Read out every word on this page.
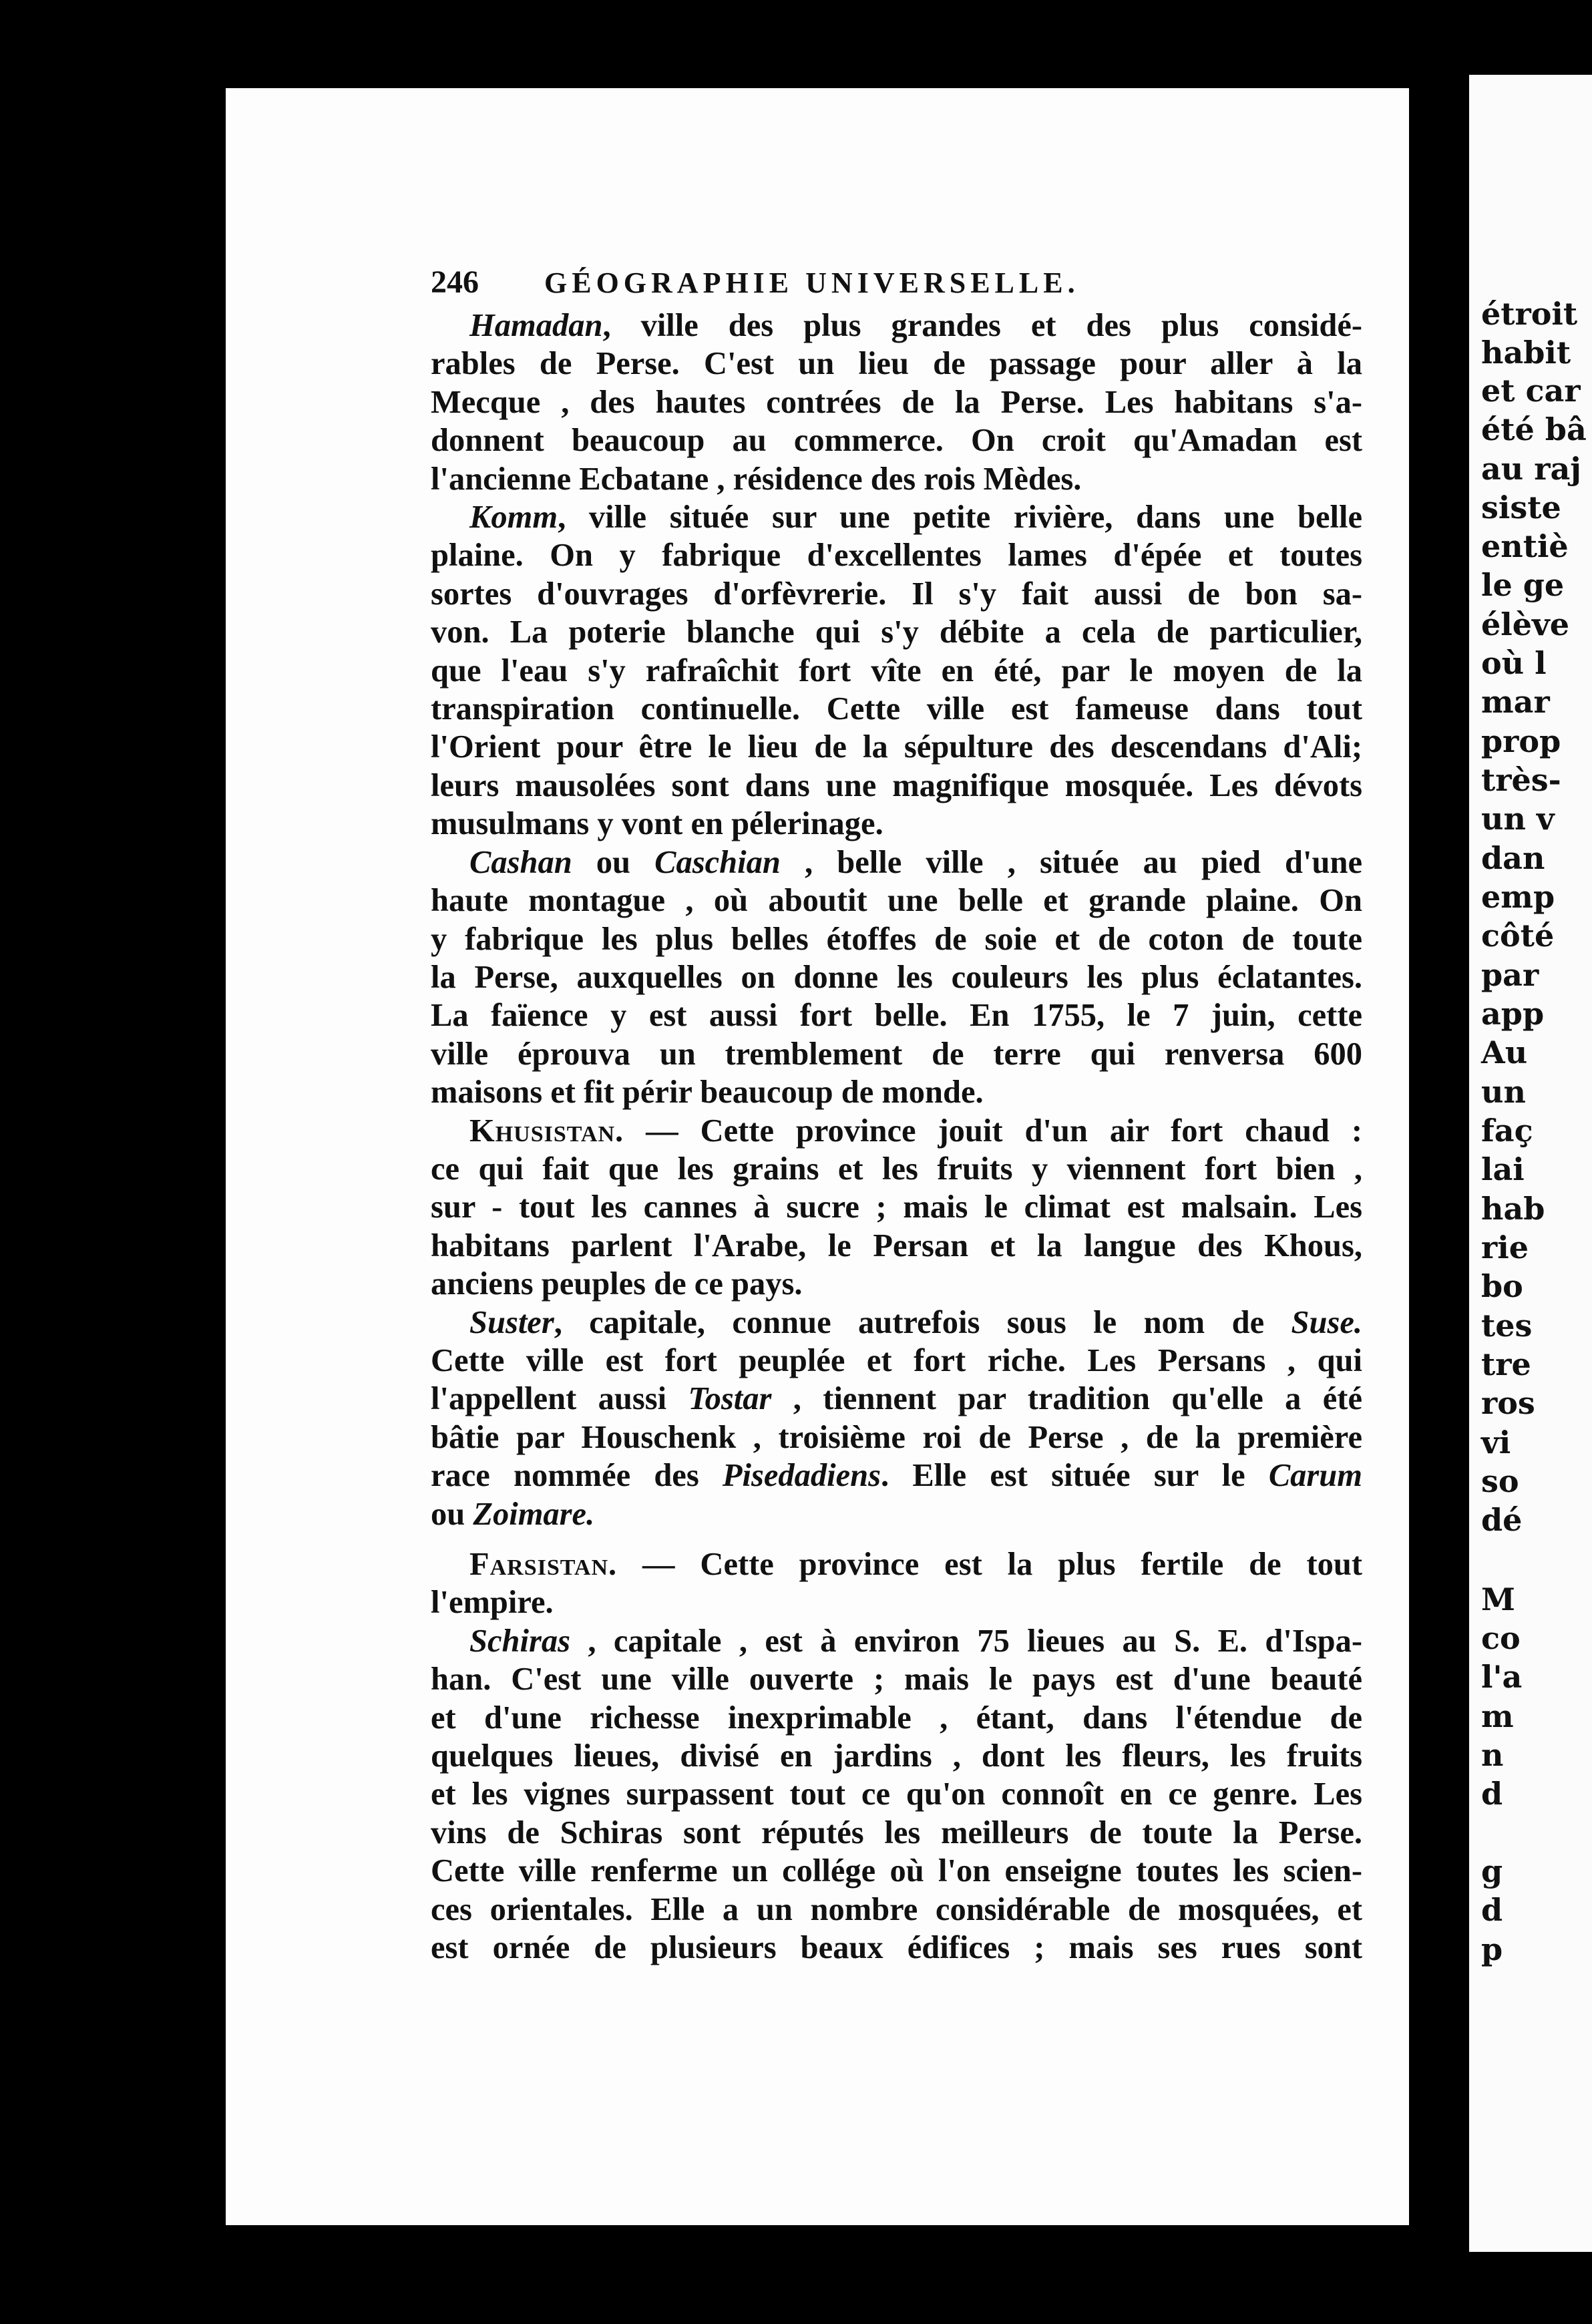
étroit
habit
et car
été bâ
au raj
siste
entiè
le ge
élève
où l
mar
prop
très-
un v
dan
emp
côté
par
app
Au
un
faç
lai
hab
rie
bo
tes
tre
ros
vi
so
dé
M
co
l'a
m
n
d
g
d
p
246	GÉOGRAPHIE UNIVERSELLE.
Hamadan, ville des plus grandes et des plus considé-
rables de Perse. C'est un lieu de passage pour aller à la
Mecque , des hautes contrées de la Perse. Les habitans s'a-
donnent beaucoup au commerce. On croit qu'Amadan est
l'ancienne Ecbatane , résidence des rois Mèdes.
Komm, ville située sur une petite rivière, dans une belle
plaine. On y fabrique d'excellentes lames d'épée et toutes
sortes d'ouvrages d'orfèvrerie. Il s'y fait aussi de bon sa-
von. La poterie blanche qui s'y débite a cela de particulier,
que l'eau s'y rafraîchit fort vîte en été, par le moyen de la
transpiration continuelle. Cette ville est fameuse dans tout
l'Orient pour être le lieu de la sépulture des descendans d'Ali;
leurs mausolées sont dans une magnifique mosquée. Les dévots
musulmans y vont en pélerinage.
Cashan ou Caschian , belle ville , située au pied d'une
haute montague , où aboutit une belle et grande plaine. On
y fabrique les plus belles étoffes de soie et de coton de toute
la Perse, auxquelles on donne les couleurs les plus éclatantes.
La faïence y est aussi fort belle. En 1755, le 7 juin, cette
ville éprouva un tremblement de terre qui renversa 600
maisons et fit périr beaucoup de monde.
Khusistan. — Cette province jouit d'un air fort chaud :
ce qui fait que les grains et les fruits y viennent fort bien ,
sur - tout les cannes à sucre ; mais le climat est malsain. Les
habitans parlent l'Arabe, le Persan et la langue des Khous,
anciens peuples de ce pays.
Suster, capitale, connue autrefois sous le nom de Suse.
Cette ville est fort peuplée et fort riche. Les Persans , qui
l'appellent aussi Tostar , tiennent par tradition qu'elle a été
bâtie par Houschenk , troisième roi de Perse , de la première
race nommée des Pisedadiens. Elle est située sur le Carum
ou Zoimare.
Farsistan. — Cette province est la plus fertile de tout
l'empire.
Schiras , capitale , est à environ 75 lieues au S. E. d'Ispa-
han. C'est une ville ouverte ; mais le pays est d'une beauté
et d'une richesse inexprimable , étant, dans l'étendue de
quelques lieues, divisé en jardins , dont les fleurs, les fruits
et les vignes surpassent tout ce qu'on connoît en ce genre. Les
vins de Schiras sont réputés les meilleurs de toute la Perse.
Cette ville renferme un collége où l'on enseigne toutes les scien-
ces orientales. Elle a un nombre considérable de mosquées, et
est ornée de plusieurs beaux édifices ; mais ses rues sont
